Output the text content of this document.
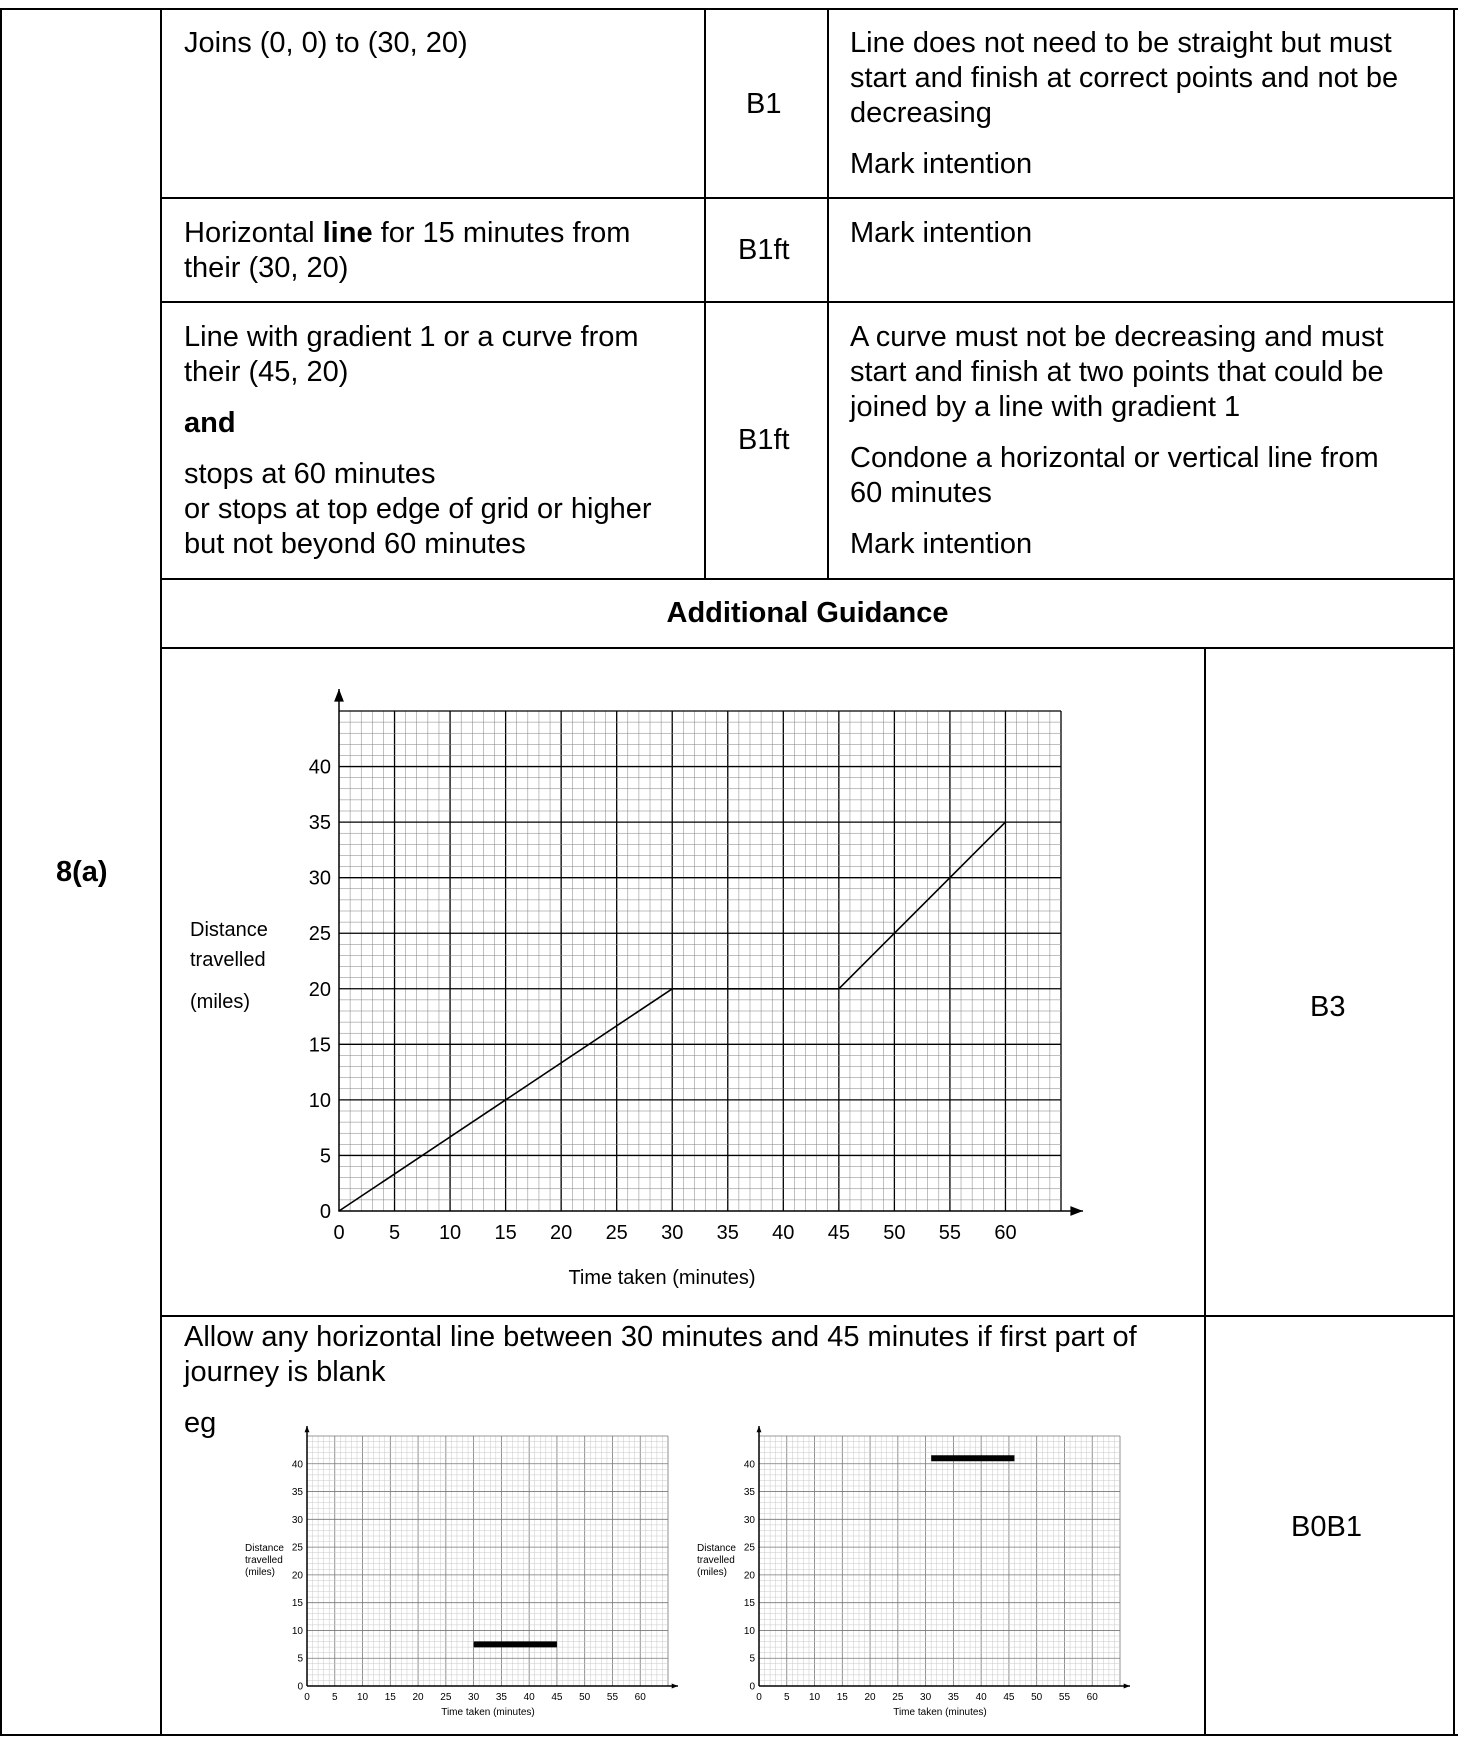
8(a)
Joins (0, 0) to (30, 20)
B1
Line does not need to be straight but must
start and finish at correct points and not be
decreasing
Mark intention
Horizontal line for 15 minutes from
their (30, 20)
B1ft
Mark intention
Line with gradient 1 or a curve from
their (45, 20)
and
stops at 60 minutes
or stops at top edge of grid or higher
but not beyond 60 minutes
B1ft
A curve must not be decreasing and must
start and finish at two points that could be
joined by a line with gradient 1
Condone a horizontal or vertical line from
60 minutes
Mark intention
Additional Guidance
B3
0 5 10 15 20 25 30 35 40 45 50 55 60
0
5
10
15
20
25
30
35
40
Time taken (minutes)
Distance
travelled
(miles)
0 5 10 15 20 25 30 35 40 45 50 55 60
0
5
10
15
20
25
30
35
40
Time taken (minutes)
Distance
travelled
(miles)
0 5 10 15 20 25 30 35 40 45 50 55 60
0
5
10
15
20
25
30
35
40
Time taken (minutes)
Distance
travelled
(miles)
Allow any horizontal line between 30 minutes and 45 minutes if first part of
journey is blank
eg
B0B1
